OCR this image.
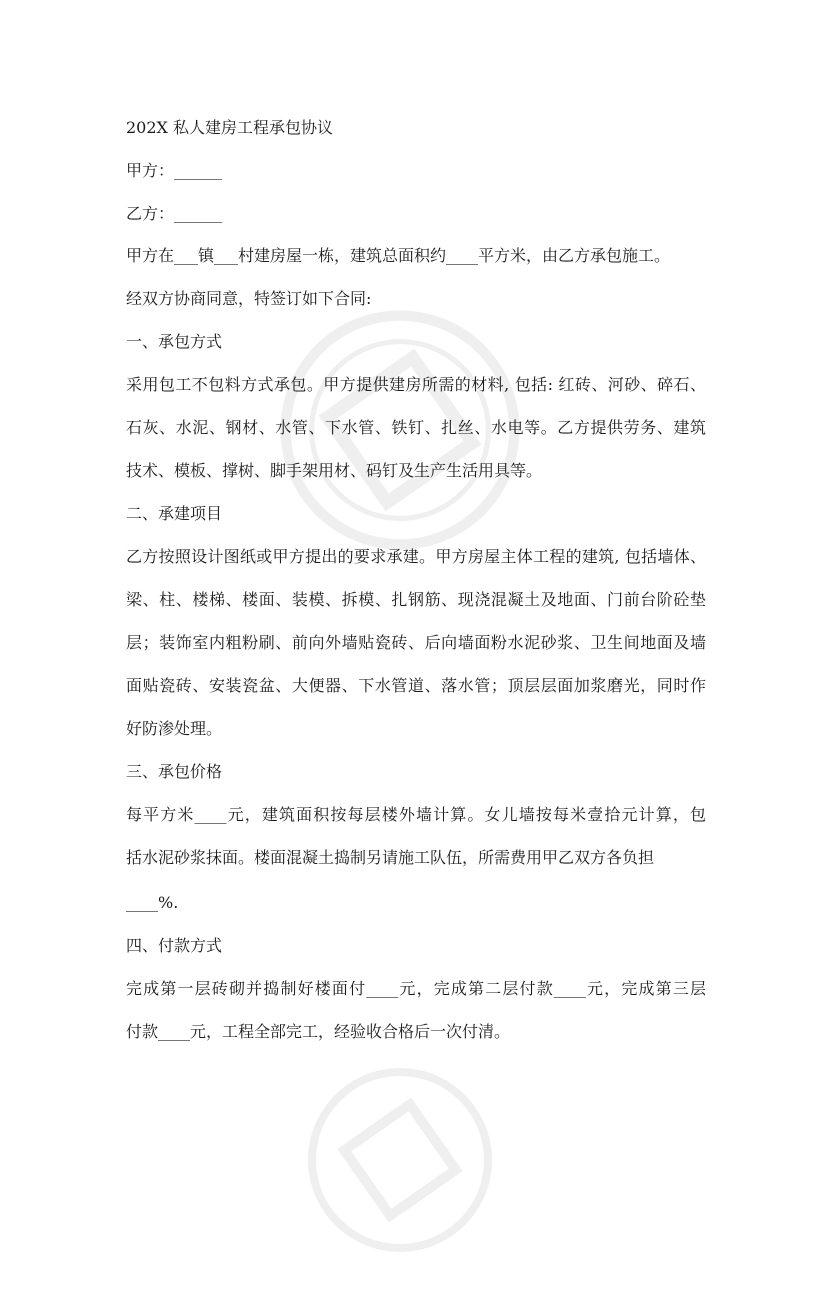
202X 私人建房工程承包协议
甲方：______
乙方：______
甲方在___镇___村建房屋一栋，建筑总面积约____平方米，由乙方承包施工。
经双方协商同意，特签订如下合同:
一、承包方式
采用包工不包料方式承包。甲方提供建房所需的材料, 包括: 红砖、河砂、碎石、
石灰、水泥、钢材、水管、下水管、铁钉、扎丝、水电等。乙方提供劳务、建筑
技术、模板、撑树、脚手架用材、码钉及生产生活用具等。
二、承建项目
乙方按照设计图纸或甲方提出的要求承建。甲方房屋主体工程的建筑, 包括墙体、
梁、柱、楼梯、楼面、装模、拆模、扎钢筋、现浇混凝土及地面、门前台阶砼垫
层；装饰室内粗粉刷、前向外墙贴瓷砖、后向墙面粉水泥砂浆、卫生间地面及墙
面贴瓷砖、安装瓷盆、大便器、下水管道、落水管；顶层层面加浆磨光，同时作
好防渗处理。
三、承包价格
每平方米____元，建筑面积按每层楼外墙计算。女儿墙按每米壹拾元计算，包
括水泥砂浆抹面。楼面混凝土捣制另请施工队伍，所需费用甲乙双方各负担
____%.
四、付款方式
完成第一层砖砌并捣制好楼面付____元，完成第二层付款____元，完成第三层
付款____元，工程全部完工，经验收合格后一次付清。
